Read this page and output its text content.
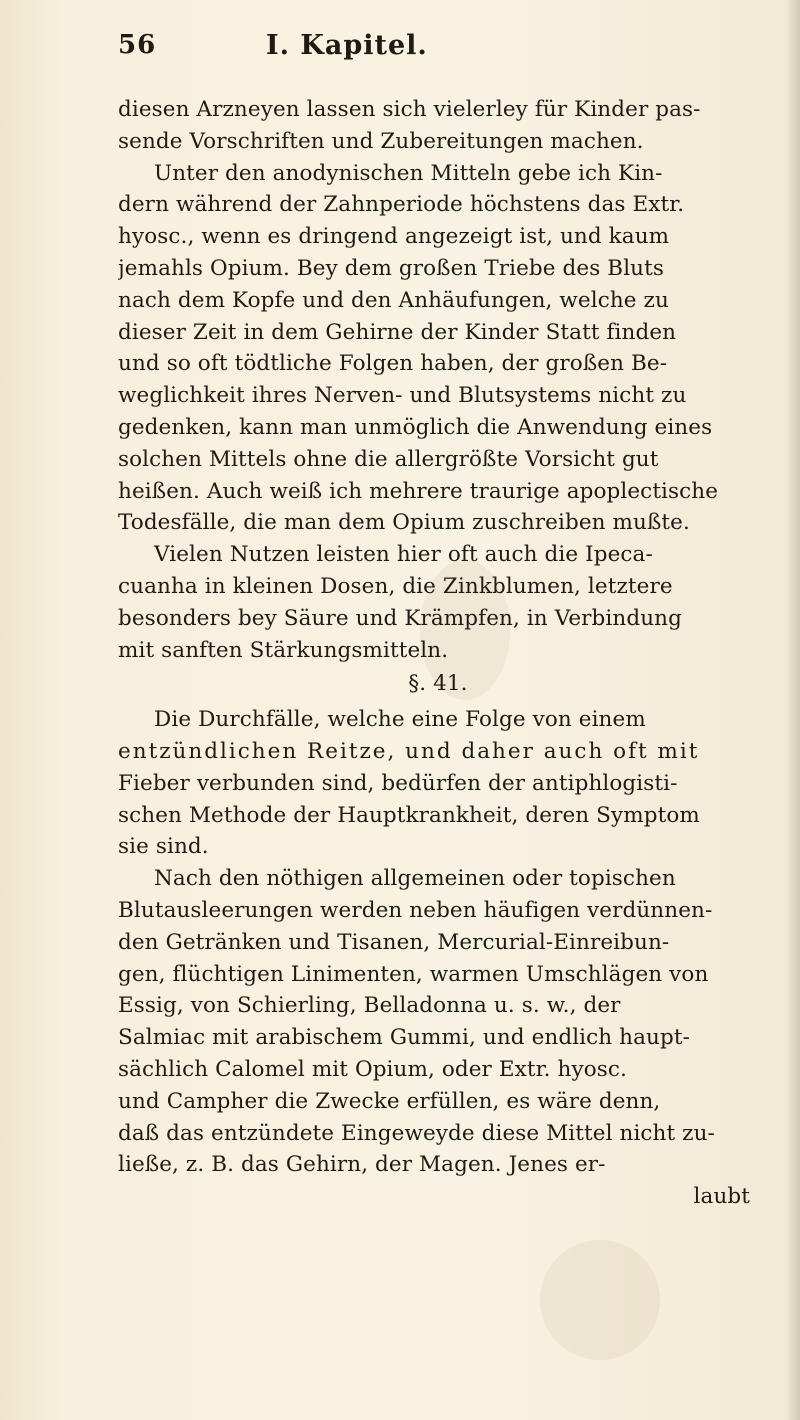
56	I. Kapitel.
diesen Arzneyen lassen sich vielerley für Kinder pas-
sende Vorschriften und Zubereitungen machen.
Unter den anodynischen Mitteln gebe ich Kin-
dern während der Zahnperiode höchstens das Extr.
hyosc., wenn es dringend angezeigt ist, und kaum
jemahls Opium. Bey dem großen Triebe des Bluts
nach dem Kopfe und den Anhäufungen, welche zu
dieser Zeit in dem Gehirne der Kinder Statt finden
und so oft tödtliche Folgen haben, der großen Be-
weglichkeit ihres Nerven- und Blutsystems nicht zu
gedenken, kann man unmöglich die Anwendung eines
solchen Mittels ohne die allergrößte Vorsicht gut
heißen. Auch weiß ich mehrere traurige apoplectische
Todesfälle, die man dem Opium zuschreiben mußte.
Vielen Nutzen leisten hier oft auch die Ipeca-
cuanha in kleinen Dosen, die Zinkblumen, letztere
besonders bey Säure und Krämpfen, in Verbindung
mit sanften Stärkungsmitteln.
§. 41.
Die Durchfälle, welche eine Folge von einem
entzündlichen Reitze, und daher auch oft mit
Fieber verbunden sind, bedürfen der antiphlogisti-
schen Methode der Hauptkrankheit, deren Symptom
sie sind.
Nach den nöthigen allgemeinen oder topischen
Blutausleerungen werden neben häufigen verdünnen-
den Getränken und Tisanen, Mercurial-Einreibun-
gen, flüchtigen Linimenten, warmen Umschlägen von
Essig, von Schierling, Belladonna u. s. w., der
Salmiac mit arabischem Gummi, und endlich haupt-
sächlich Calomel mit Opium, oder Extr. hyosc.
und Campher die Zwecke erfüllen, es wäre denn,
daß das entzündete Eingeweyde diese Mittel nicht zu-
ließe, z. B. das Gehirn, der Magen. Jenes er-
laubt
